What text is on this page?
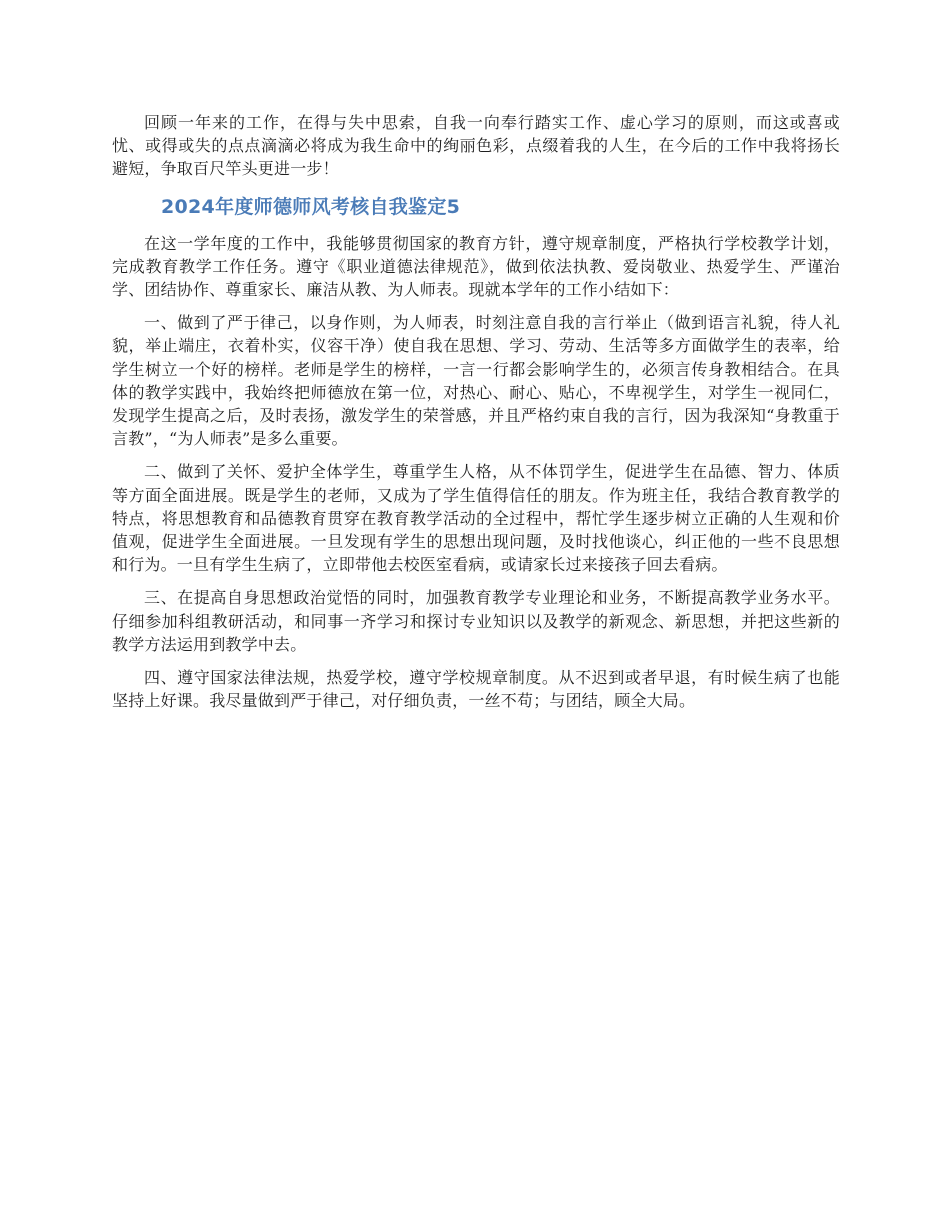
回顾一年来的工作，在得与失中思索，自我一向奉行踏实工作、虚心学习的原则，而这或喜或忧、或得或失的点点滴滴必将成为我生命中的绚丽色彩，点缀着我的人生，在今后的工作中我将扬长避短，争取百尺竿头更进一步！

2024年度师德师风考核自我鉴定5

在这一学年度的工作中，我能够贯彻国家的教育方针，遵守规章制度，严格执行学校教学计划，完成教育教学工作任务。遵守《职业道德法律规范》，做到依法执教、爱岗敬业、热爱学生、严谨治学、团结协作、尊重家长、廉洁从教、为人师表。现就本学年的工作小结如下：

一、做到了严于律己，以身作则，为人师表，时刻注意自我的言行举止（做到语言礼貌，待人礼貌，举止端庄，衣着朴实，仪容干净）使自我在思想、学习、劳动、生活等多方面做学生的表率，给学生树立一个好的榜样。老师是学生的榜样，一言一行都会影响学生的，必须言传身教相结合。在具体的教学实践中，我始终把师德放在第一位，对热心、耐心、贴心，不卑视学生，对学生一视同仁，发现学生提高之后，及时表扬，激发学生的荣誉感，并且严格约束自我的言行，因为我深知“身教重于言教”，“为人师表”是多么重要。

二、做到了关怀、爱护全体学生，尊重学生人格，从不体罚学生，促进学生在品德、智力、体质等方面全面进展。既是学生的老师，又成为了学生值得信任的朋友。作为班主任，我结合教育教学的特点，将思想教育和品德教育贯穿在教育教学活动的全过程中，帮忙学生逐步树立正确的人生观和价值观，促进学生全面进展。一旦发现有学生的思想出现问题，及时找他谈心，纠正他的一些不良思想和行为。一旦有学生生病了，立即带他去校医室看病，或请家长过来接孩子回去看病。

三、在提高自身思想政治觉悟的同时，加强教育教学专业理论和业务，不断提高教学业务水平。仔细参加科组教研活动，和同事一齐学习和探讨专业知识以及教学的新观念、新思想，并把这些新的教学方法运用到教学中去。

四、遵守国家法律法规，热爱学校，遵守学校规章制度。从不迟到或者早退，有时候生病了也能坚持上好课。我尽量做到严于律己，对仔细负责，一丝不苟；与团结，顾全大局。
